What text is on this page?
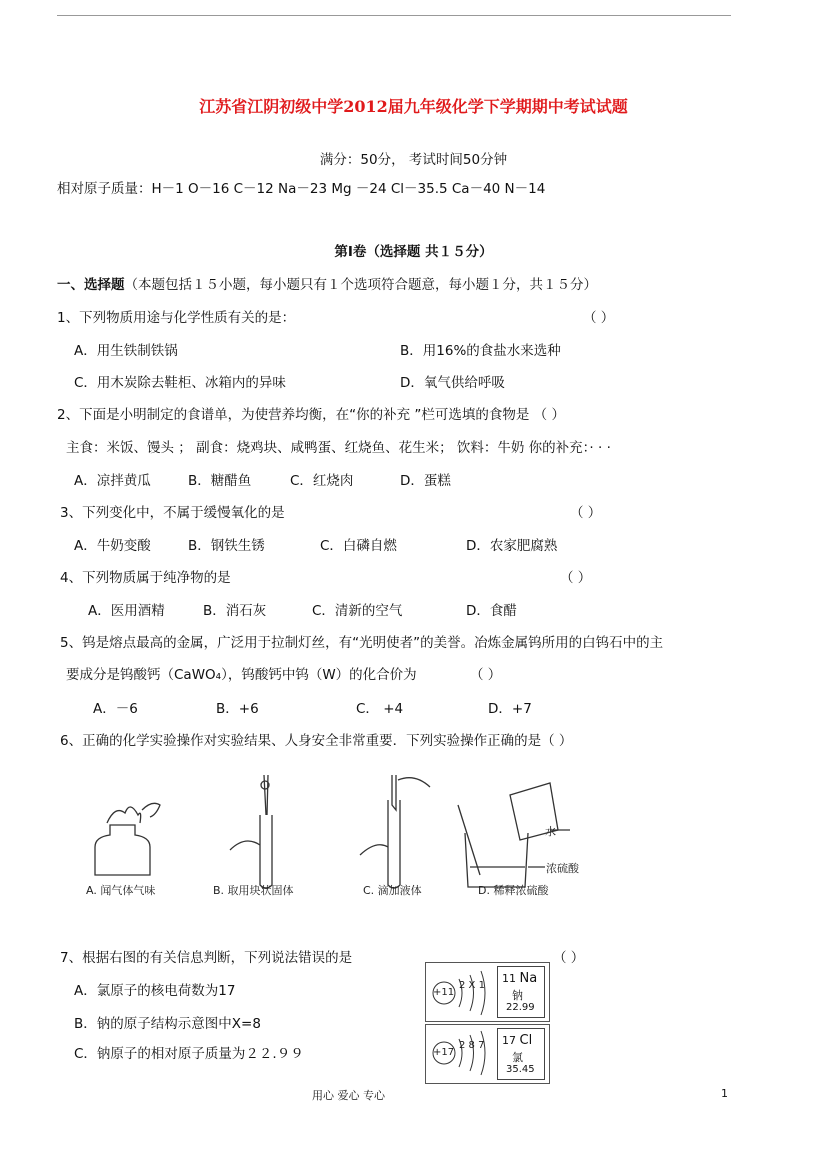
江苏省江阴初级中学2012届九年级化学下学期期中考试试题
满分：50分， 考试时间50分钟
相对原子质量：H－1 O－16 C－12 Na－23 Mg －24 Cl－35.5 Ca－40 N－14
第Ⅰ卷（选择题 共１５分）
一、选择题（本题包括１５小题，每小题只有１个选项符合题意，每小题１分，共１５分）
1、下列物质用途与化学性质有关的是：	（ ）
A．用生铁制铁锅	B．用16%的食盐水来选种
C．用木炭除去鞋柜、冰箱内的异味	D．氧气供给呼吸
2、下面是小明制定的食谱单，为使营养均衡，在“你的补充 ”栏可选填的食物是 （ ）
主食：米饭、馒头 ； 副食：烧鸡块、咸鸭蛋、红烧鱼、花生米； 饮料：牛奶 你的补充：· · ·
A．凉拌黄瓜	B．糖醋鱼	C．红烧肉	D．蛋糕
3、下列变化中，不属于缓慢氧化的是	（ ）
A．牛奶变酸	B．钢铁生锈	C．白磷自燃	D．农家肥腐熟
4、下列物质属于纯净物的是	（ ）
A．医用酒精	B．消石灰	C．清新的空气	D．食醋
5、钨是熔点最高的金属，广泛用于拉制灯丝，有“光明使者”的美誉。冶炼金属钨所用的白钨石中的主
要成分是钨酸钙（CaWO₄），钨酸钙中钨（W）的化合价为	（ ）
A．－6	B．+6	C． +4	D．+7
6、正确的化学实验操作对实验结果、人身安全非常重要．下列实验操作正确的是（ ）
水
浓硫酸
A. 闻气体气味	B. 取用块状固体	C. 滴加液体	D. 稀释浓硫酸
7、根据右图的有关信息判断，下列说法错误的是	（ ）
A．氯原子的核电荷数为17
B．钠的原子结构示意图中X=8
C．钠原子的相对原子质量为２２.９９
+11
2 X 1
11 Na
钠
22.99
+17
2 8 7 17 Cl
氯
35.45
用心 爱心 专心	1
